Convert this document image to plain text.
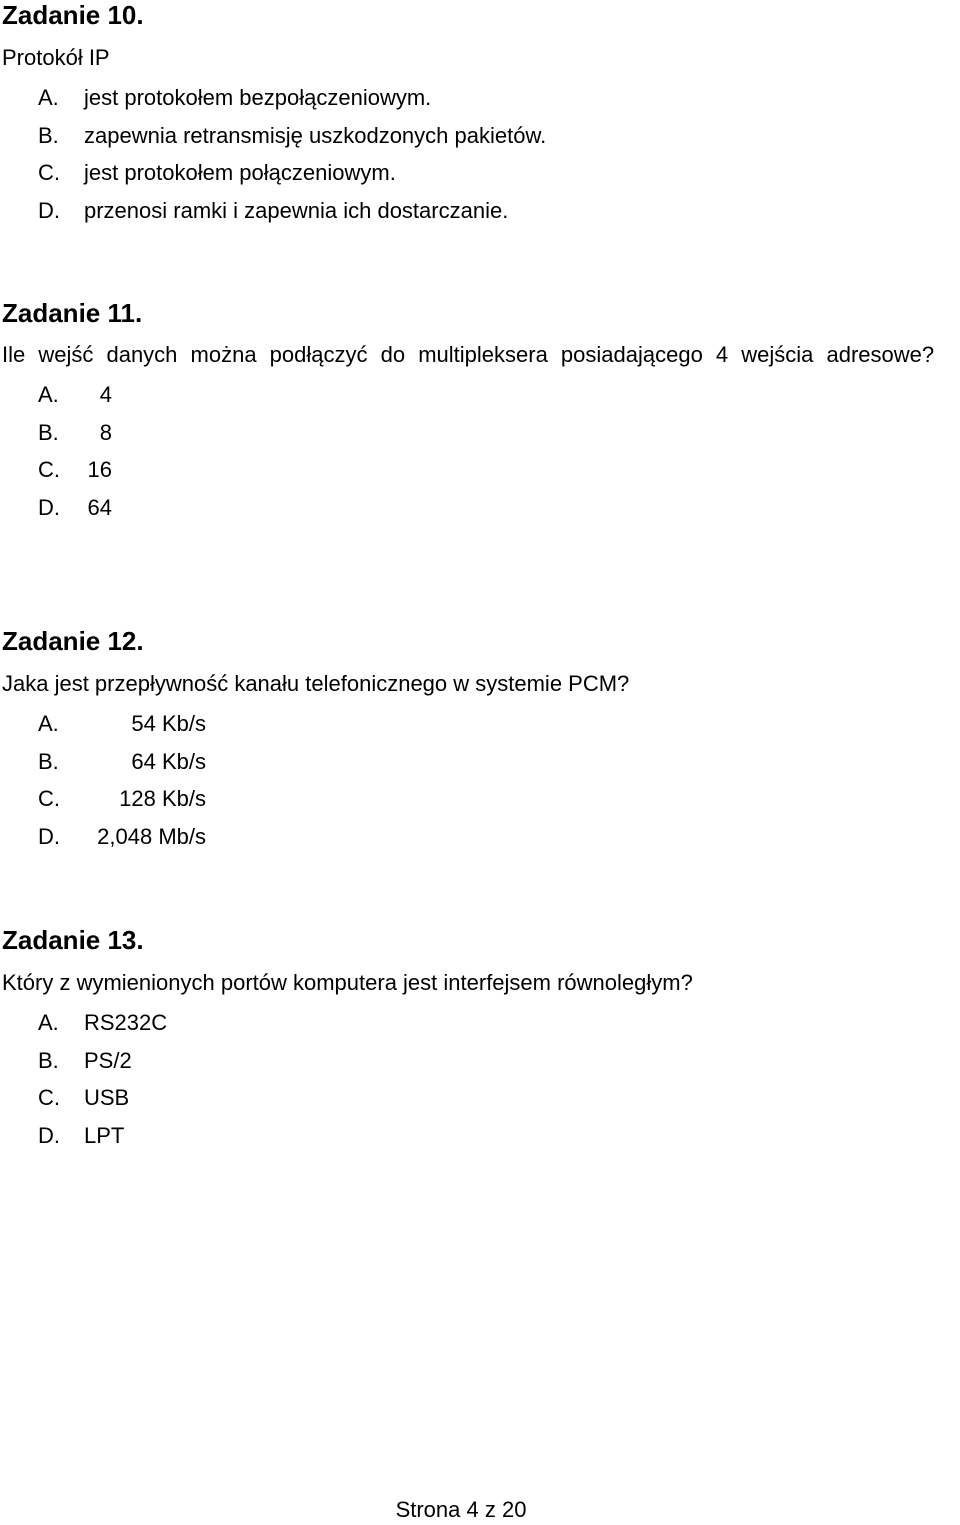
Zadanie 10.

Protokół IP

A.	jest protokołem bezpołączeniowym.
B.	zapewnia retransmisję uszkodzonych pakietów.
C.	jest protokołem połączeniowym.
D.	przenosi ramki i zapewnia ich dostarczanie.
Zadanie 11.

Ile wejść danych można podłączyć do multipleksera posiadającego 4 wejścia adresowe?

A.	4
B.	8
C.	16
D.	64
Zadanie 12.

Jaka jest przepływność kanału telefonicznego w systemie PCM?

A.	54 Kb/s
B.	64 Kb/s
C.	128 Kb/s
D.	2,048 Mb/s
Zadanie 13.

Który z wymienionych portów komputera jest interfejsem równoległym?

A.	RS232C
B.	PS/2
C.	USB
D.	LPT
Strona 4 z 20
